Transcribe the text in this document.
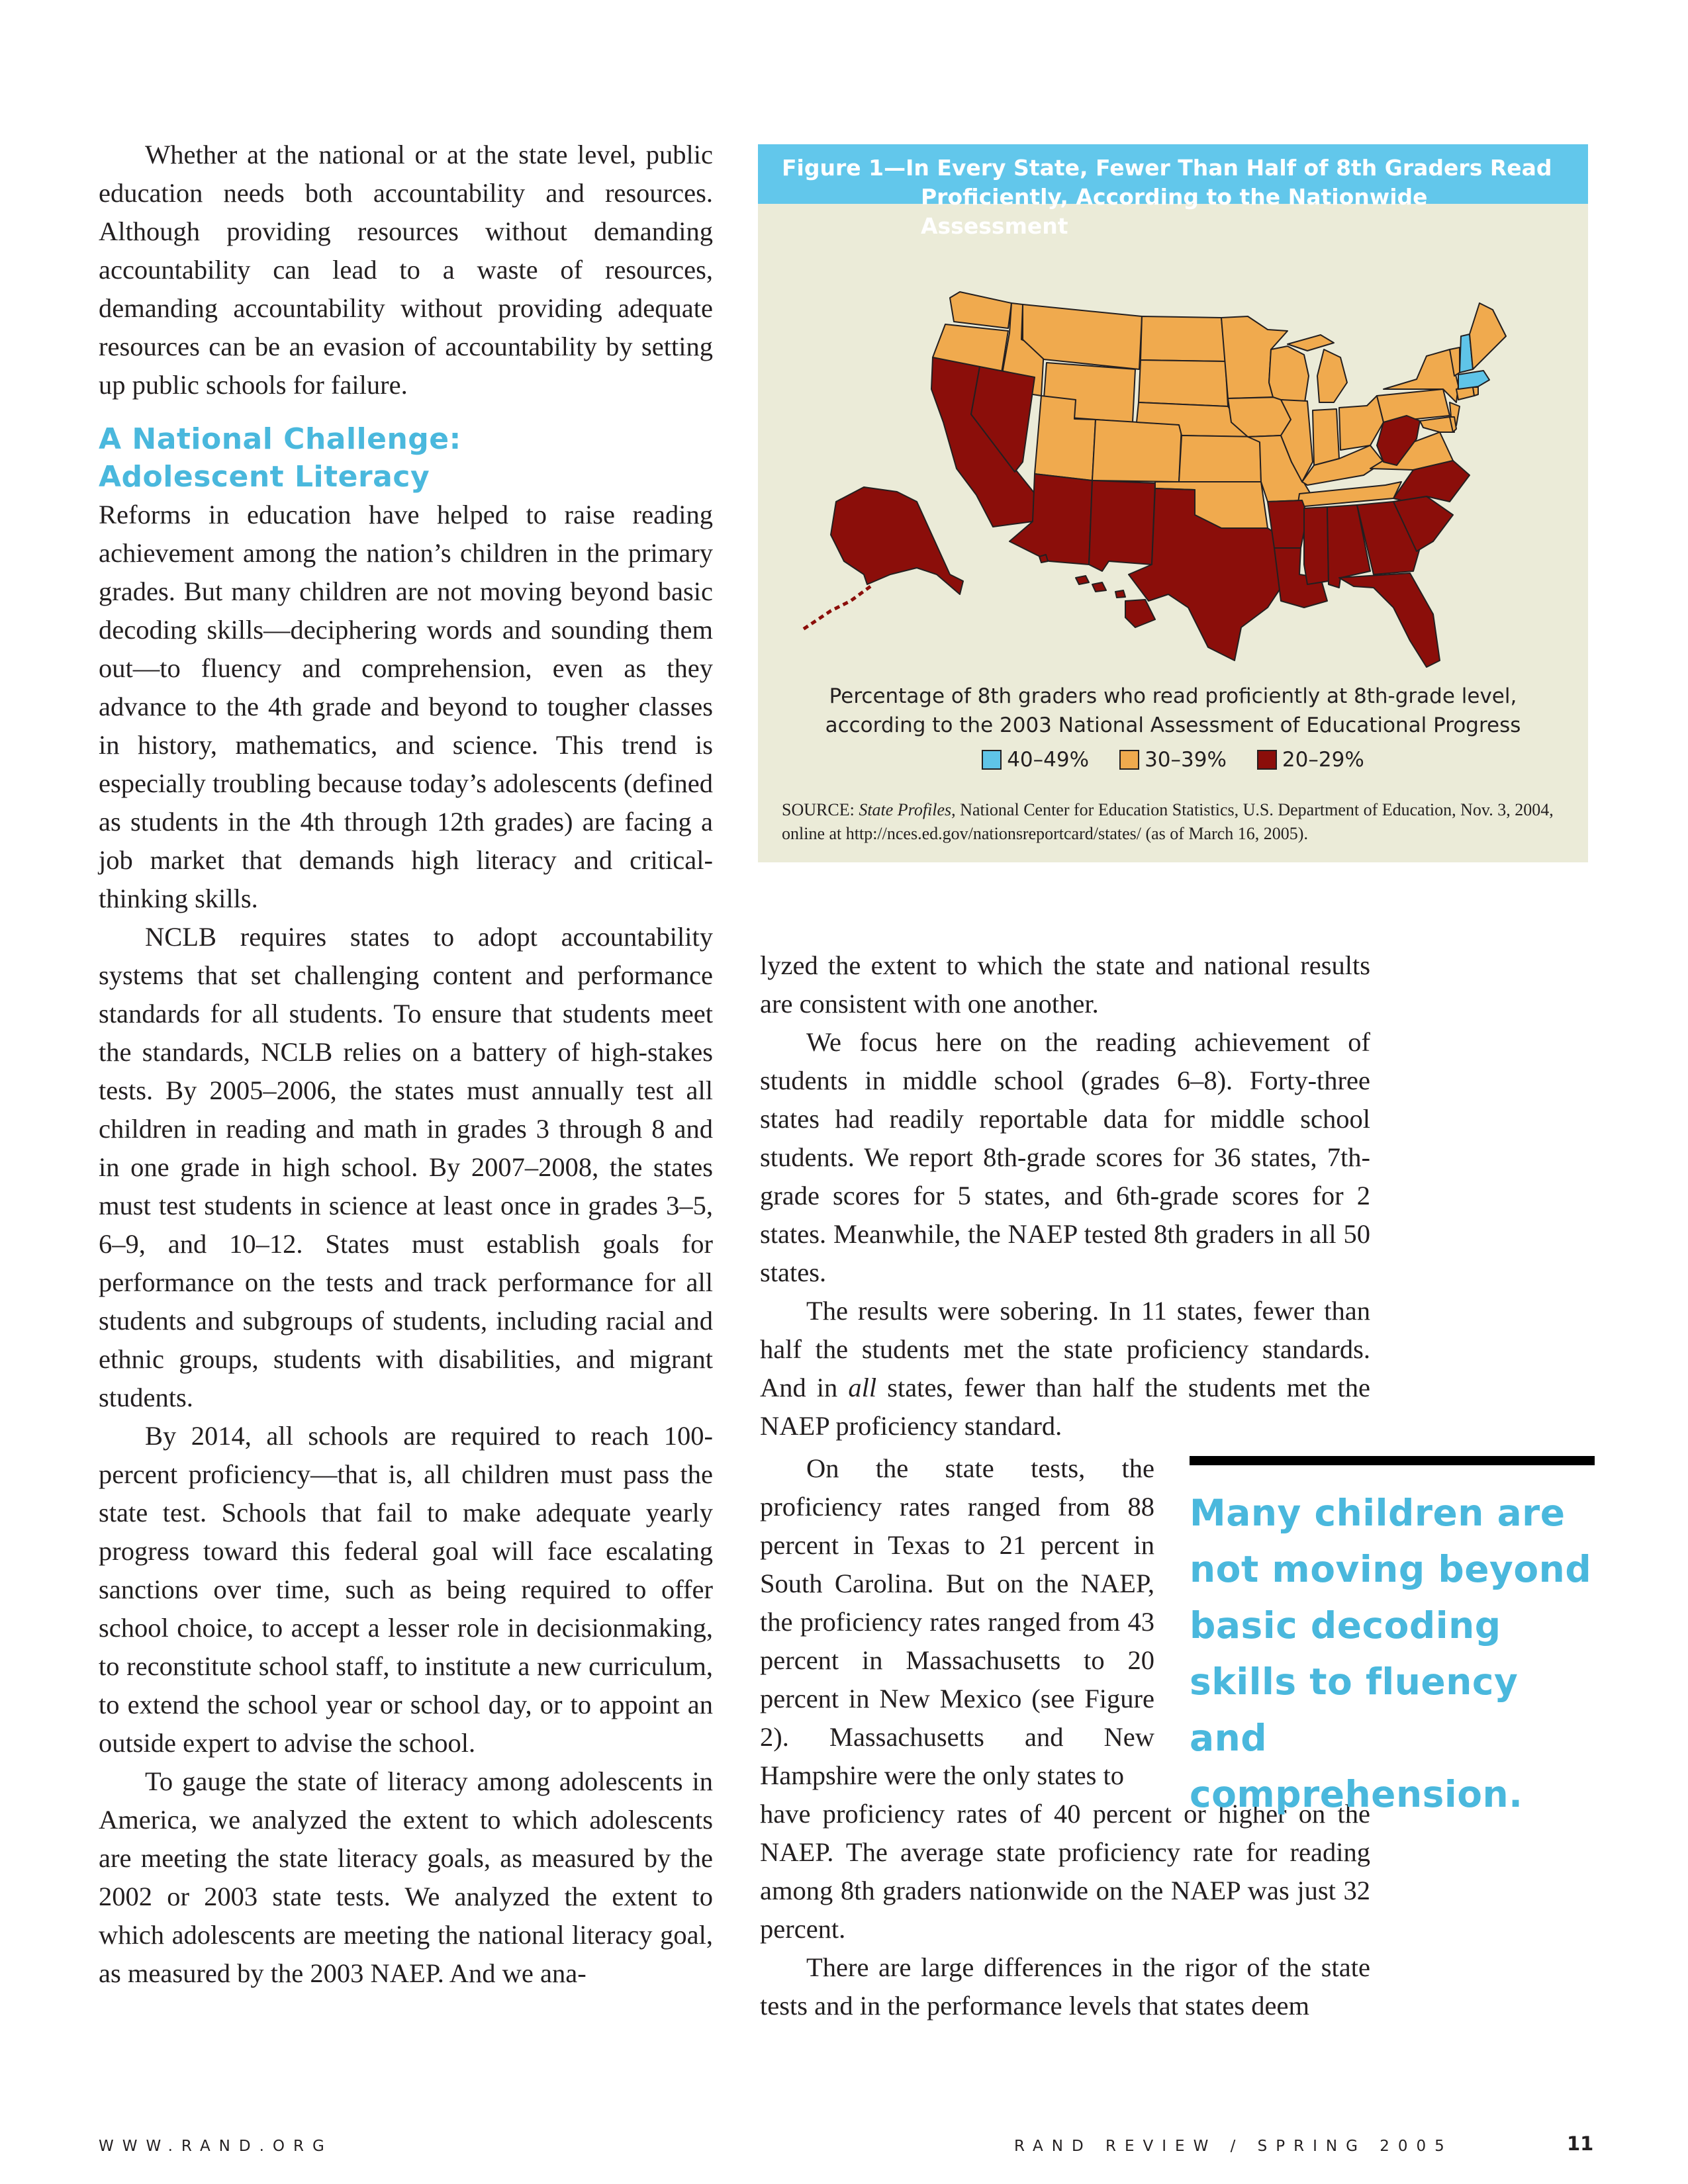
Whether at the national or at the state level, public education needs both accountability and resources. Although providing resources without demanding accountability can lead to a waste of resources, demanding accountability without providing adequate resources can be an evasion of accountability by setting up public schools for failure.

A National Challenge:
Adolescent Literacy

Reforms in education have helped to raise reading achievement among the nation’s children in the primary grades. But many children are not moving beyond basic decoding skills—deciphering words and sounding them out—to fluency and comprehension, even as they advance to the 4th grade and beyond to tougher classes in history, mathematics, and science. This trend is especially troubling because today’s adolescents (defined as students in the 4th through 12th grades) are facing a job market that demands high literacy and critical-thinking skills.

NCLB requires states to adopt accountability systems that set challenging content and performance standards for all students. To ensure that students meet the standards, NCLB relies on a battery of high-stakes tests. By 2005–2006, the states must annually test all children in reading and math in grades 3 through 8 and in one grade in high school. By 2007–2008, the states must test students in science at least once in grades 3–5, 6–9, and 10–12. States must establish goals for performance on the tests and track performance for all students and subgroups of students, including racial and ethnic groups, students with disabilities, and migrant students.

By 2014, all schools are required to reach 100-percent proficiency—that is, all children must pass the state test. Schools that fail to make adequate yearly progress toward this federal goal will face escalating sanctions over time, such as being required to offer school choice, to accept a lesser role in decisionmaking, to reconstitute school staff, to institute a new curriculum, to extend the school year or school day, or to appoint an outside expert to advise the school.

To gauge the state of literacy among adolescents in America, we analyzed the extent to which adolescents are meeting the state literacy goals, as measured by the 2002 or 2003 state tests. We analyzed the extent to which adolescents are meeting the national literacy goal, as measured by the 2003 NAEP. And we ana-

Figure 1—In Every State, Fewer Than Half of 8th Graders Read
Proficiently, According to the Nationwide Assessment
Percentage of 8th graders who read proficiently at 8th-grade level,
according to the 2003 National Assessment of Educational Progress
40–49%	30–39%	20–29%
SOURCE: State Profiles, National Center for Education Statistics, U.S. Department of Education, Nov. 3, 2004, online at http://nces.ed.gov/nationsreportcard/states/ (as of March 16, 2005).

lyzed the extent to which the state and national results are consistent with one another.

We focus here on the reading achievement of students in middle school (grades 6–8). Forty-three states had readily reportable data for middle school students. We report 8th-grade scores for 36 states, 7th-grade scores for 5 states, and 6th-grade scores for 2 states. Meanwhile, the NAEP tested 8th graders in all 50 states.

The results were sobering. In 11 states, fewer than half the students met the state proficiency standards. And in all states, fewer than half the students met the NAEP proficiency standard.

On the state tests, the proficiency rates ranged from 88 percent in Texas to 21 percent in South Carolina. But on the NAEP, the proficiency rates ranged from 43 percent in Massachusetts to 20 percent in New Mexico (see Figure 2). Massachusetts and New Hampshire were the only states to

have proficiency rates of 40 percent or higher on the NAEP. The average state proficiency rate for reading among 8th graders nationwide on the NAEP was just 32 percent.

There are large differences in the rigor of the state tests and in the performance levels that states deem

Many children are
not moving beyond
basic decoding
skills to fluency and
comprehension.
WWW.RAND.ORG	RAND REVIEW / SPRING 2005	11
